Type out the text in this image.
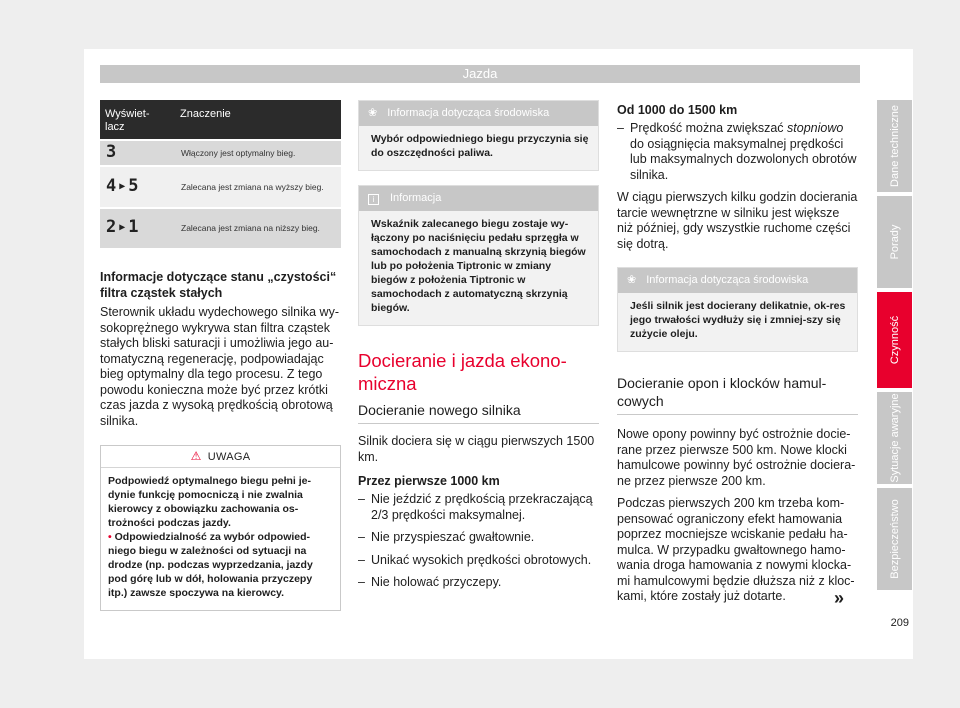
Jazda
Wyświet-
lacz	Znaczenie

3	Włączony jest optymalny bieg.

4 ▶ 5	Zalecana jest zmiana na wyższy bieg.

2 ▶ 1	Zalecana jest zmiana na niższy bieg.
Informacje dotyczące stanu „czystości“ filtra cząstek stałych

Sterownik układu wydechowego silnika wy-sokoprężnego wykrywa stan filtra cząstek stałych bliski saturacji i umożliwia jego au-tomatyczną regenerację, podpowiadając bieg optymalny dla tego procesu. Z tego powodu konieczna może być przez krótki czas jazda z wysoką prędkością obrotową silnika.

⚠ UWAGA

Podpowiedź optymalnego biegu pełni je-dynie funkcję pomocniczą i nie zwalnia kierowcy z obowiązku zachowania os-trożności podczas jazdy.

• Odpowiedzialność za wybór odpowied-niego biegu w zależności od sytuacji na drodze (np. podczas wyprzedzania, jazdy pod górę lub w dół, holowania przyczepy itp.) zawsze spoczywa na kierowcy.

❀ Informacja dotycząca środowiska
Wybór odpowiedniego biegu przyczynia się do oszczędności paliwa.
i Informacja
Wskaźnik zalecanego biegu zostaje wy-łączony po naciśnięciu pedału sprzęgła w samochodach z manualną skrzynią biegów lub po położenia Tiptronic w zmiany biegów z położenia Tiptronic w samochodach z automatyczną skrzynią biegów.
Docieranie i jazda ekono-miczna
Docieranie nowego silnika

Silnik dociera się w ciągu pierwszych 1500 km.

Przez pierwsze 1000 km

– Nie jeździć z prędkością przekraczającą 2/3 prędkości maksymalnej.

– Nie przyspieszać gwałtownie.

– Unikać wysokich prędkości obrotowych.

– Nie holować przyczepy.

Od 1000 do 1500 km

– Prędkość można zwiększać stopniowo do osiągnięcia maksymalnej prędkości lub maksymalnych dozwolonych obrotów silnika.

W ciągu pierwszych kilku godzin docierania tarcie wewnętrzne w silniku jest większe niż później, gdy wszystkie ruchome części się dotrą.

❀ Informacja dotycząca środowiska
Jeśli silnik jest docierany delikatnie, ok-res jego trwałości wydłuży się i zmniej-szy się zużycie oleju.
Docieranie opon i klocków hamul-cowych

Nowe opony powinny być ostrożnie docie-rane przez pierwsze 500 km. Nowe klocki hamulcowe powinny być ostrożnie dociera-ne przez pierwsze 200 km.

Podczas pierwszych 200 km trzeba kom-pensować ograniczony efekt hamowania poprzez mocniejsze wciskanie pedału ha-mulca. W przypadku gwałtownego hamo-wania droga hamowania z nowymi klocka-mi hamulcowymi będzie dłuższa niż z kloc-kami, które zostały już dotarte.	»
Dane techniczne
Porady
Czynność
Sytuacje awaryjne
Bezpieczeństwo
209
